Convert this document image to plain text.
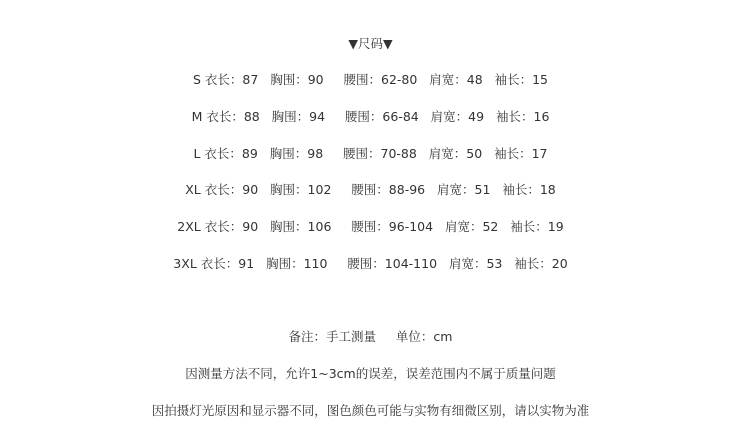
▼尺码▼
S 衣长：87   胸围：90     腰围：62-80   肩宽：48   袖长：15
M 衣长：88   胸围：94     腰围：66-84   肩宽：49   袖长：16
L 衣长：89   胸围：98     腰围：70-88   肩宽：50   袖长：17
XL 衣长：90   胸围：102     腰围：88-96   肩宽：51   袖长：18
2XL 衣长：90   胸围：106     腰围：96-104   肩宽：52   袖长：19
3XL 衣长：91   胸围：110     腰围：104-110   肩宽：53   袖长：20
备注：手工测量     单位：cm
因测量方法不同，允许1~3cm的误差，误差范围内不属于质量问题
因拍摄灯光原因和显示器不同，图色颜色可能与实物有细微区别，请以实物为准
